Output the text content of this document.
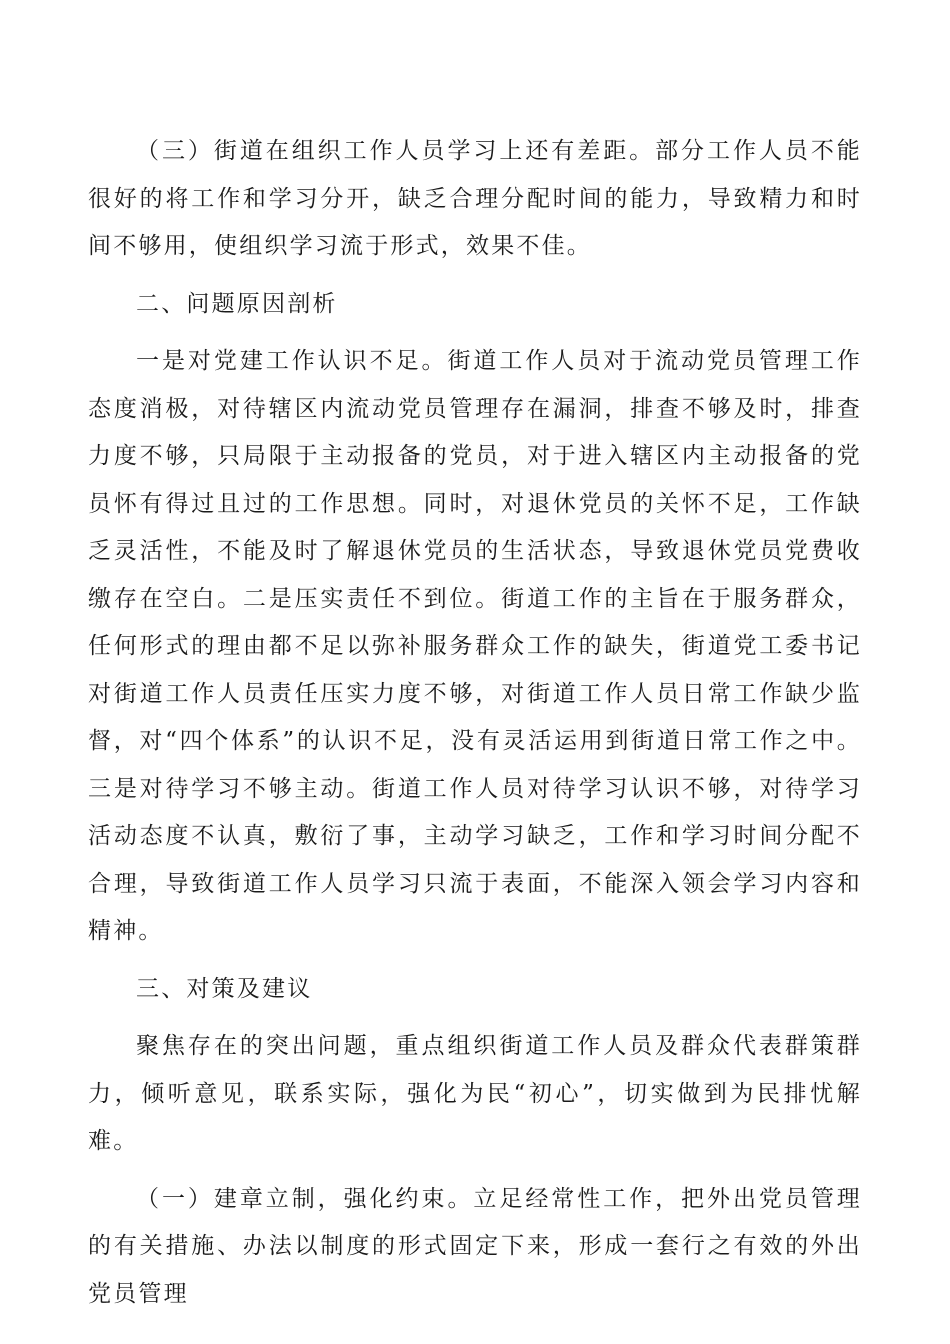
（三）街道在组织工作人员学习上还有差距。部分工作人员不能很好的将工作和学习分开，缺乏合理分配时间的能力，导致精力和时间不够用，使组织学习流于形式，效果不佳。

二、问题原因剖析

一是对党建工作认识不足。街道工作人员对于流动党员管理工作态度消极，对待辖区内流动党员管理存在漏洞，排查不够及时，排查力度不够，只局限于主动报备的党员，对于进入辖区内主动报备的党员怀有得过且过的工作思想。同时，对退休党员的关怀不足，工作缺乏灵活性，不能及时了解退休党员的生活状态，导致退休党员党费收缴存在空白。二是压实责任不到位。街道工作的主旨在于服务群众，任何形式的理由都不足以弥补服务群众工作的缺失，街道党工委书记对街道工作人员责任压实力度不够，对街道工作人员日常工作缺少监督，对“四个体系”的认识不足，没有灵活运用到街道日常工作之中。三是对待学习不够主动。街道工作人员对待学习认识不够，对待学习活动态度不认真，敷衍了事，主动学习缺乏，工作和学习时间分配不合理，导致街道工作人员学习只流于表面，不能深入领会学习内容和精神。

三、对策及建议

聚焦存在的突出问题，重点组织街道工作人员及群众代表群策群力，倾听意见，联系实际，强化为民“初心”，切实做到为民排忧解难。

（一）建章立制，强化约束。立足经常性工作，把外出党员管理的有关措施、办法以制度的形式固定下来，形成一套行之有效的外出党员管理
